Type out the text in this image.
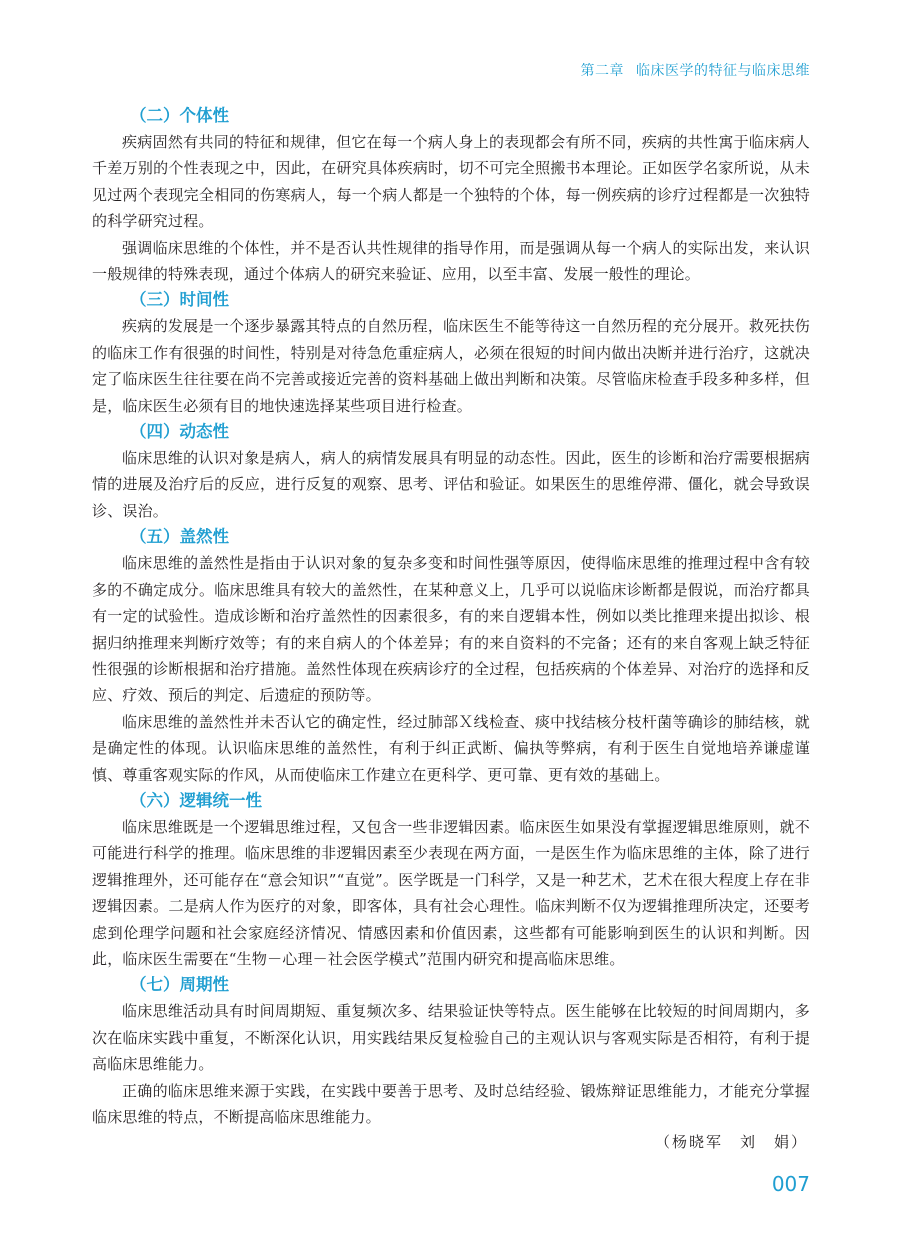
第二章 临床医学的特征与临床思维
（二）个体性

疾病固然有共同的特征和规律，但它在每一个病人身上的表现都会有所不同，疾病的共性寓于临床病人千差万别的个性表现之中，因此，在研究具体疾病时，切不可完全照搬书本理论。正如医学名家所说，从未见过两个表现完全相同的伤寒病人，每一个病人都是一个独特的个体，每一例疾病的诊疗过程都是一次独特的科学研究过程。

强调临床思维的个体性，并不是否认共性规律的指导作用，而是强调从每一个病人的实际出发，来认识一般规律的特殊表现，通过个体病人的研究来验证、应用，以至丰富、发展一般性的理论。

（三）时间性

疾病的发展是一个逐步暴露其特点的自然历程，临床医生不能等待这一自然历程的充分展开。救死扶伤的临床工作有很强的时间性，特别是对待急危重症病人，必须在很短的时间内做出决断并进行治疗，这就决定了临床医生往往要在尚不完善或接近完善的资料基础上做出判断和决策。尽管临床检查手段多种多样，但是，临床医生必须有目的地快速选择某些项目进行检查。

（四）动态性

临床思维的认识对象是病人，病人的病情发展具有明显的动态性。因此，医生的诊断和治疗需要根据病情的进展及治疗后的反应，进行反复的观察、思考、评估和验证。如果医生的思维停滞、僵化，就会导致误诊、误治。

（五）盖然性

临床思维的盖然性是指由于认识对象的复杂多变和时间性强等原因，使得临床思维的推理过程中含有较多的不确定成分。临床思维具有较大的盖然性，在某种意义上，几乎可以说临床诊断都是假说，而治疗都具有一定的试验性。造成诊断和治疗盖然性的因素很多，有的来自逻辑本性，例如以类比推理来提出拟诊、根据归纳推理来判断疗效等；有的来自病人的个体差异；有的来自资料的不完备；还有的来自客观上缺乏特征性很强的诊断根据和治疗措施。盖然性体现在疾病诊疗的全过程，包括疾病的个体差异、对治疗的选择和反应、疗效、预后的判定、后遗症的预防等。

临床思维的盖然性并未否认它的确定性，经过肺部Ｘ线检查、痰中找结核分枝杆菌等确诊的肺结核，就是确定性的体现。认识临床思维的盖然性，有利于纠正武断、偏执等弊病，有利于医生自觉地培养谦虚谨慎、尊重客观实际的作风，从而使临床工作建立在更科学、更可靠、更有效的基础上。

（六）逻辑统一性

临床思维既是一个逻辑思维过程，又包含一些非逻辑因素。临床医生如果没有掌握逻辑思维原则，就不可能进行科学的推理。临床思维的非逻辑因素至少表现在两方面，一是医生作为临床思维的主体，除了进行逻辑推理外，还可能存在“意会知识”“直觉”。医学既是一门科学，又是一种艺术，艺术在很大程度上存在非逻辑因素。二是病人作为医疗的对象，即客体，具有社会心理性。临床判断不仅为逻辑推理所决定，还要考虑到伦理学问题和社会家庭经济情况、情感因素和价值因素，这些都有可能影响到医生的认识和判断。因此，临床医生需要在“生物－心理－社会医学模式”范围内研究和提高临床思维。

（七）周期性

临床思维活动具有时间周期短、重复频次多、结果验证快等特点。医生能够在比较短的时间周期内，多次在临床实践中重复，不断深化认识，用实践结果反复检验自己的主观认识与客观实际是否相符，有利于提高临床思维能力。

正确的临床思维来源于实践，在实践中要善于思考、及时总结经验、锻炼辩证思维能力，才能充分掌握临床思维的特点，不断提高临床思维能力。

（杨晓军　刘　娟）
007
